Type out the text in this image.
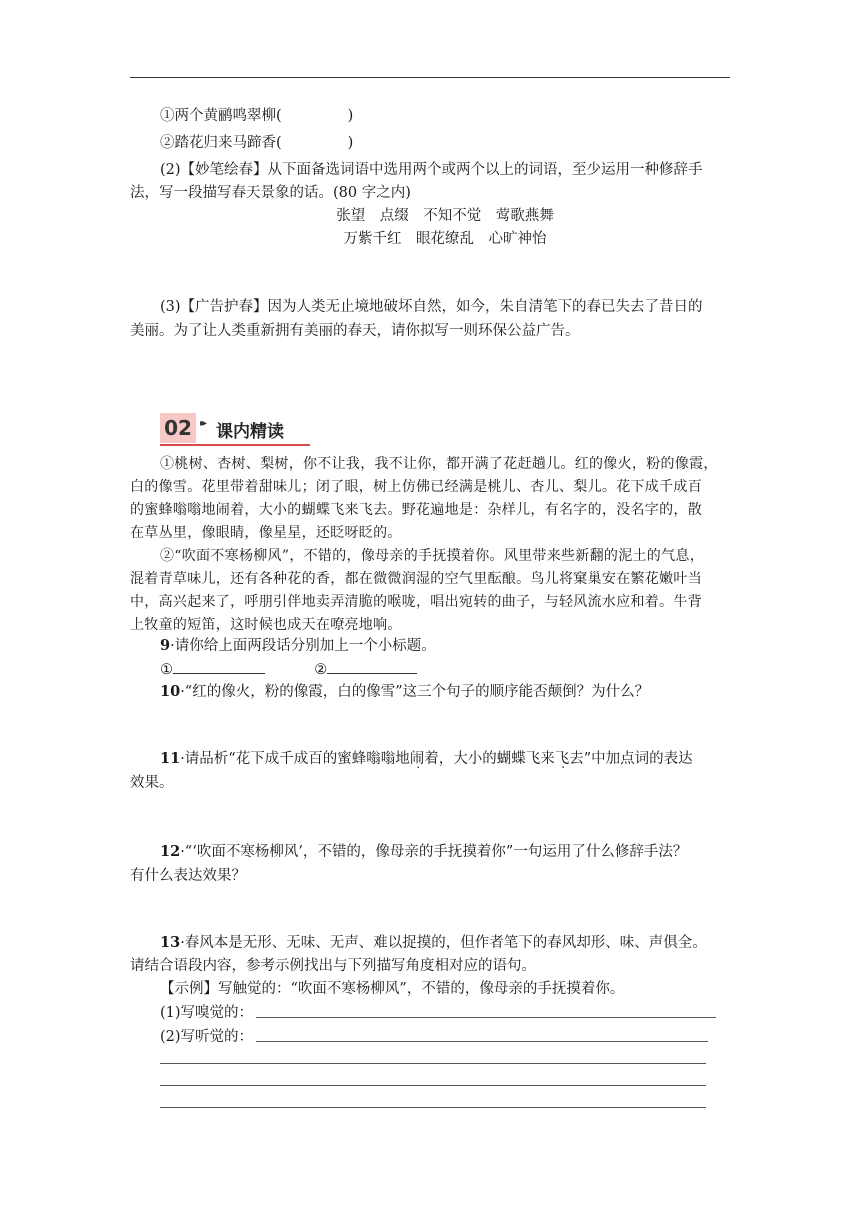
①两个黄鹂鸣翠柳(	)
②踏花归来马蹄香(	)
(2)【妙笔绘春】从下面备选词语中选用两个或两个以上的词语，至少运用一种修辞手
法，写一段描写春天景象的话。(80 字之内)
张望　点缀　不知不觉　莺歌燕舞
万紫千红　眼花缭乱　心旷神怡
(3)【广告护春】因为人类无止境地破坏自然，如今，朱自清笔下的春已失去了昔日的
美丽。为了让人类重新拥有美丽的春天，请你拟写一则环保公益广告。
02 ▸▸ 课内精读
①桃树、杏树、梨树，你不让我，我不让你，都开满了花赶趟儿。红的像火，粉的像霞，
白的像雪。花里带着甜味儿；闭了眼，树上仿佛已经满是桃儿、杏儿、梨儿。花下成千成百
的蜜蜂嗡嗡地闹着，大小的蝴蝶飞来飞去。野花遍地是：杂样儿，有名字的，没名字的，散
在草丛里，像眼睛，像星星，还眨呀眨的。
②“吹面不寒杨柳风”，不错的，像母亲的手抚摸着你。风里带来些新翻的泥土的气息，
混着青草味儿，还有各种花的香，都在微微润湿的空气里酝酿。鸟儿将窠巢安在繁花嫩叶当
中，高兴起来了，呼朋引伴地卖弄清脆的喉咙，唱出宛转的曲子，与轻风流水应和着。牛背
上牧童的短笛，这时候也成天在嘹亮地响。
9·请你给上面两段话分别加上一个小标题。
①	②
10·“红的像火，粉的像霞，白的像雪”这三个句子的顺序能否颠倒？为什么？
11·请品析“花下成千成百的蜜蜂嗡嗡地闹着，大小的蝴蝶飞来飞去”中加点词的表达
效果。
12·“‘吹面不寒杨柳风’，不错的，像母亲的手抚摸着你”一句运用了什么修辞手法？
有什么表达效果？
13·春风本是无形、无味、无声、难以捉摸的，但作者笔下的春风却形、味、声俱全。
请结合语段内容，参考示例找出与下列描写角度相对应的语句。
【示例】写触觉的：“吹面不寒杨柳风”，不错的，像母亲的手抚摸着你。
(1)写嗅觉的：
(2)写听觉的：
